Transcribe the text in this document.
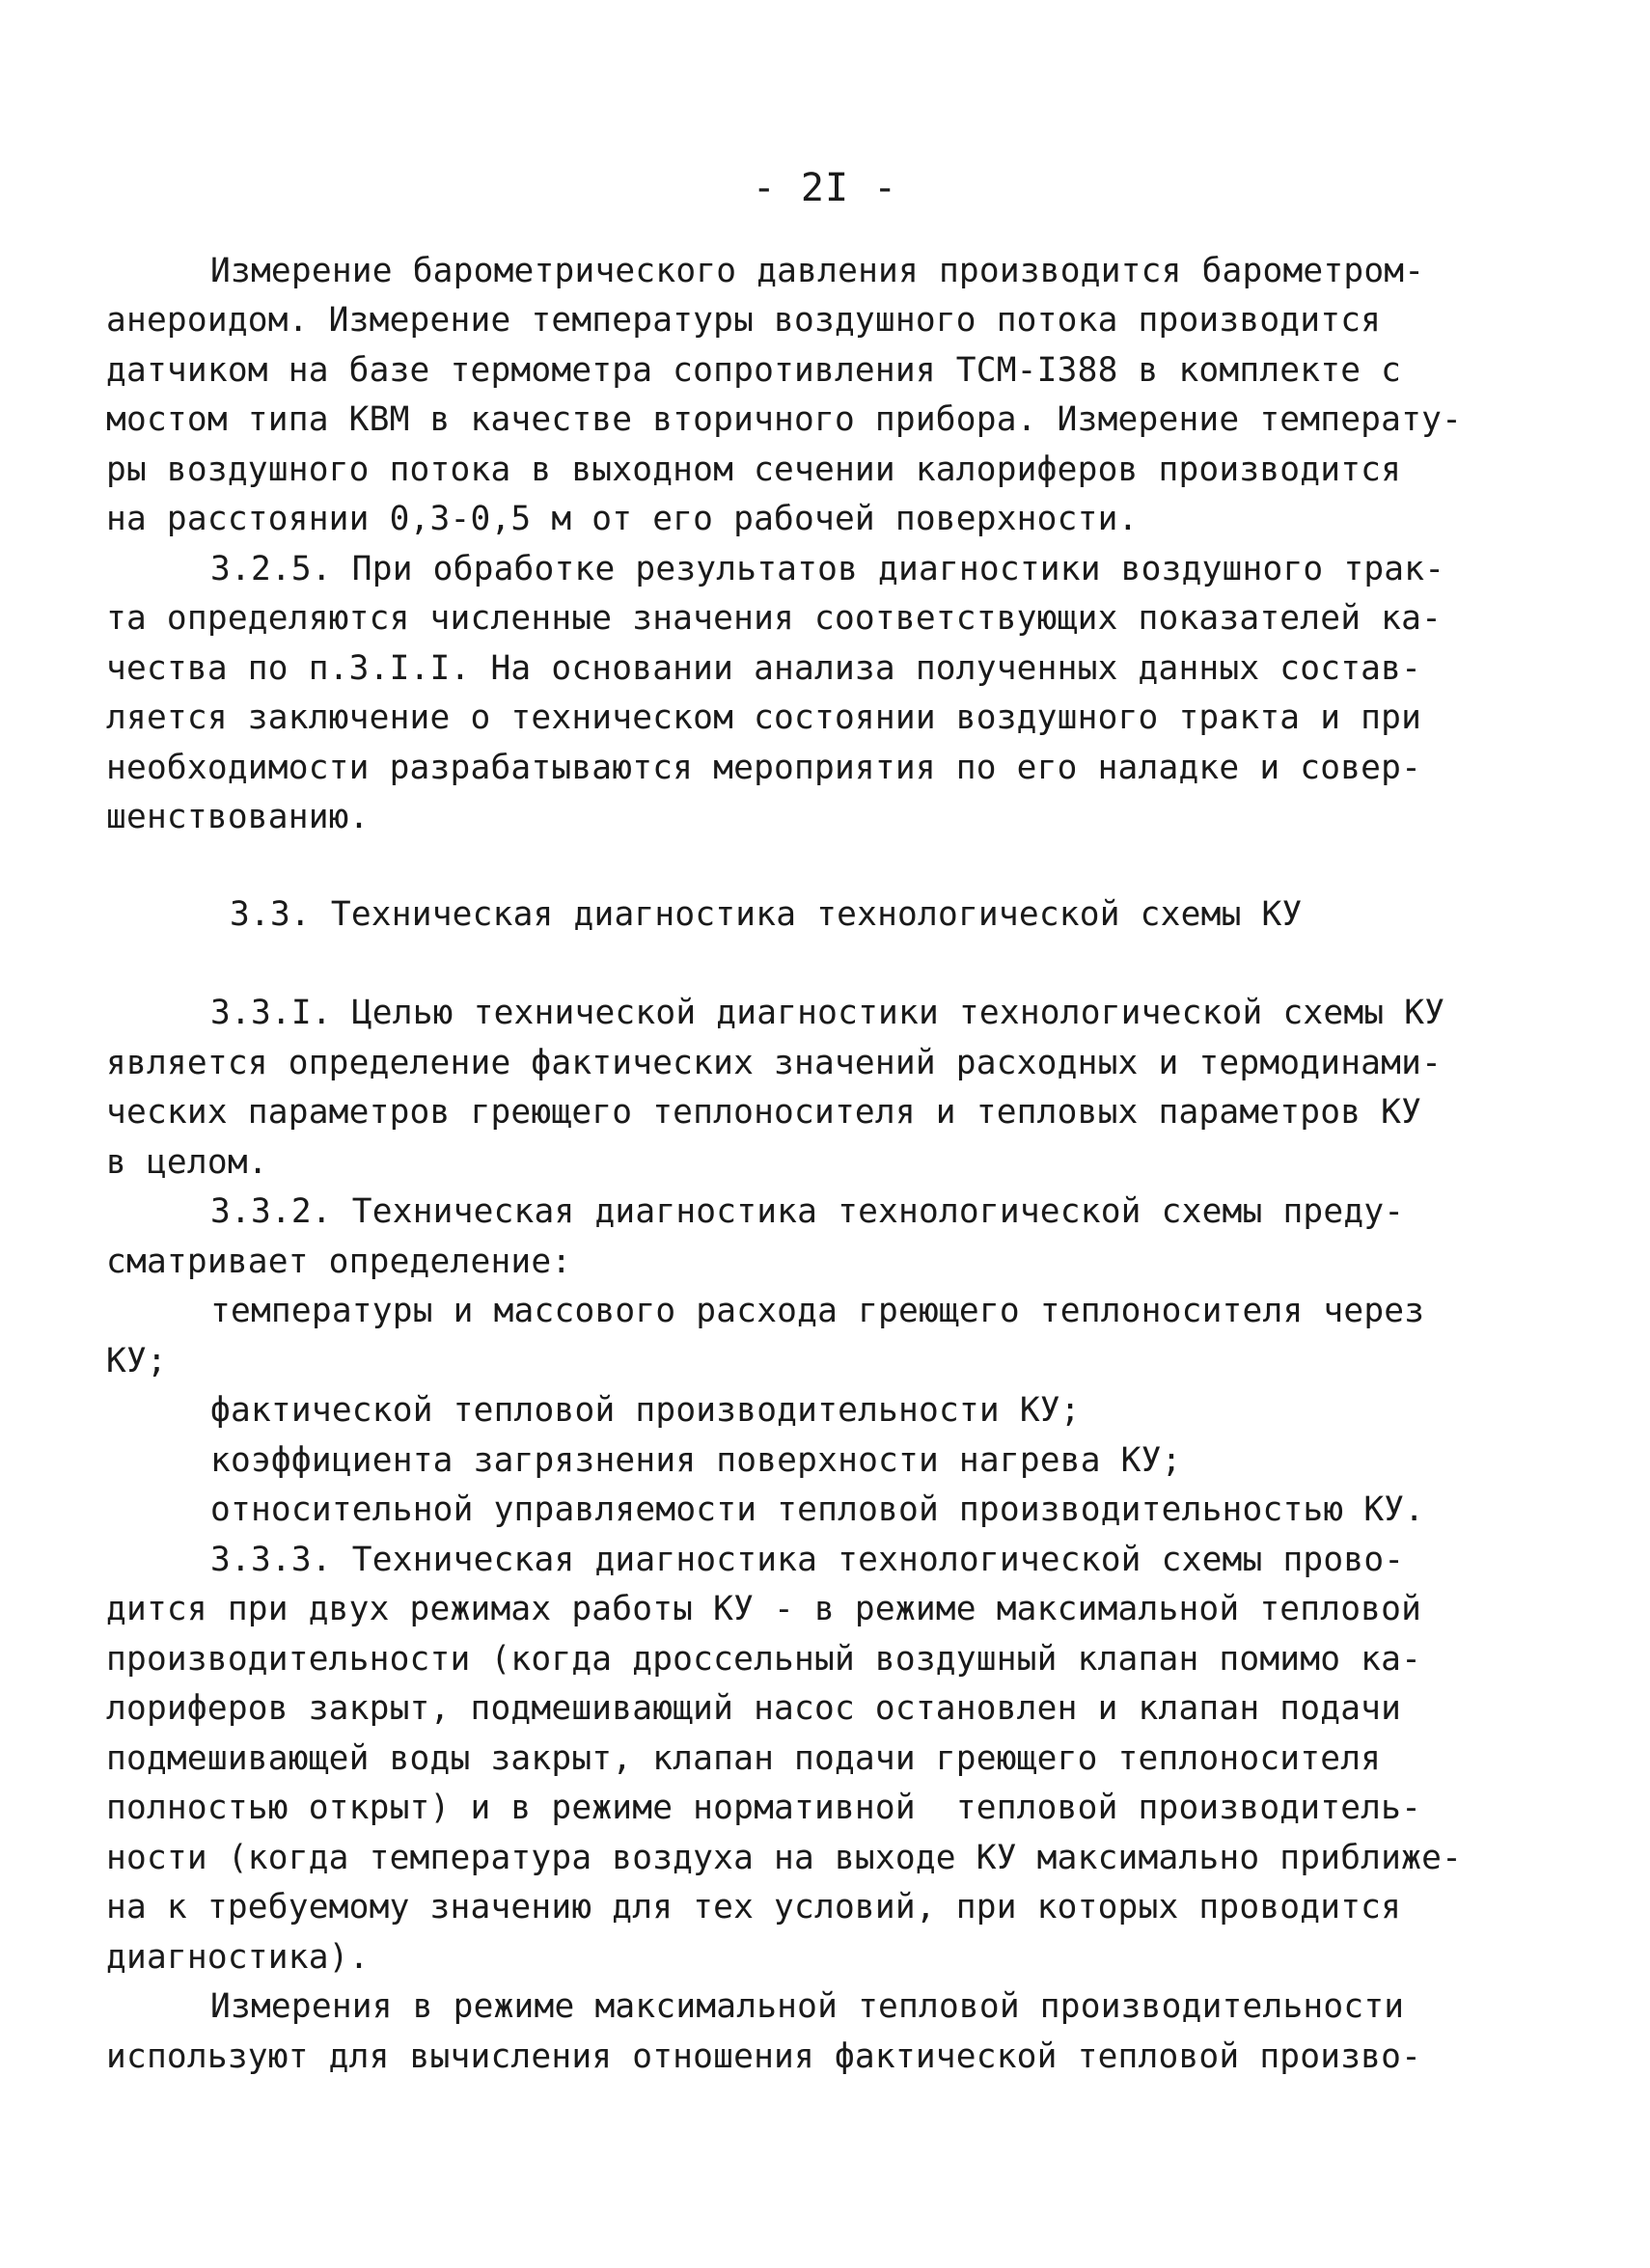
- 2I -
Измерение барометрического давления производится барометром-
анероидом. Измерение температуры воздушного потока производится
датчиком на базе термометра сопротивления ТСМ-I388 в комплекте с
мостом типа КВМ в качестве вторичного прибора. Измерение температу-
ры воздушного потока в выходном сечении калориферов производится
на расстоянии 0,3-0,5 м от его рабочей поверхности.
3.2.5. При обработке результатов диагностики воздушного трак-
та определяются численные значения соответствующих показателей ка-
чества по п.3.I.I. На основании анализа полученных данных состав-
ляется заключение о техническом состоянии воздушного тракта и при
необходимости разрабатываются мероприятия по его наладке и совер-
шенствованию.
3.3. Техническая диагностика технологической схемы КУ
3.3.I. Целью технической диагностики технологической схемы КУ
является определение фактических значений расходных и термодинами-
ческих параметров греющего теплоносителя и тепловых параметров КУ
в целом.
3.3.2. Техническая диагностика технологической схемы преду-
сматривает определение:
температуры и массового расхода греющего теплоносителя через
КУ;
фактической тепловой производительности КУ;
коэффициента загрязнения поверхности нагрева КУ;
относительной управляемости тепловой производительностью КУ.
3.3.3. Техническая диагностика технологической схемы прово-
дится при двух режимах работы КУ - в режиме максимальной тепловой
производительности (когда дроссельный воздушный клапан помимо ка-
лориферов закрыт, подмешивающий насос остановлен и клапан подачи
подмешивающей воды закрыт, клапан подачи греющего теплоносителя
полностью открыт) и в режиме нормативной  тепловой производитель-
ности (когда температура воздуха на выходе КУ максимально приближе-
на к требуемому значению для тех условий, при которых проводится
диагностика).
Измерения в режиме максимальной тепловой производительности
используют для вычисления отношения фактической тепловой произво-
